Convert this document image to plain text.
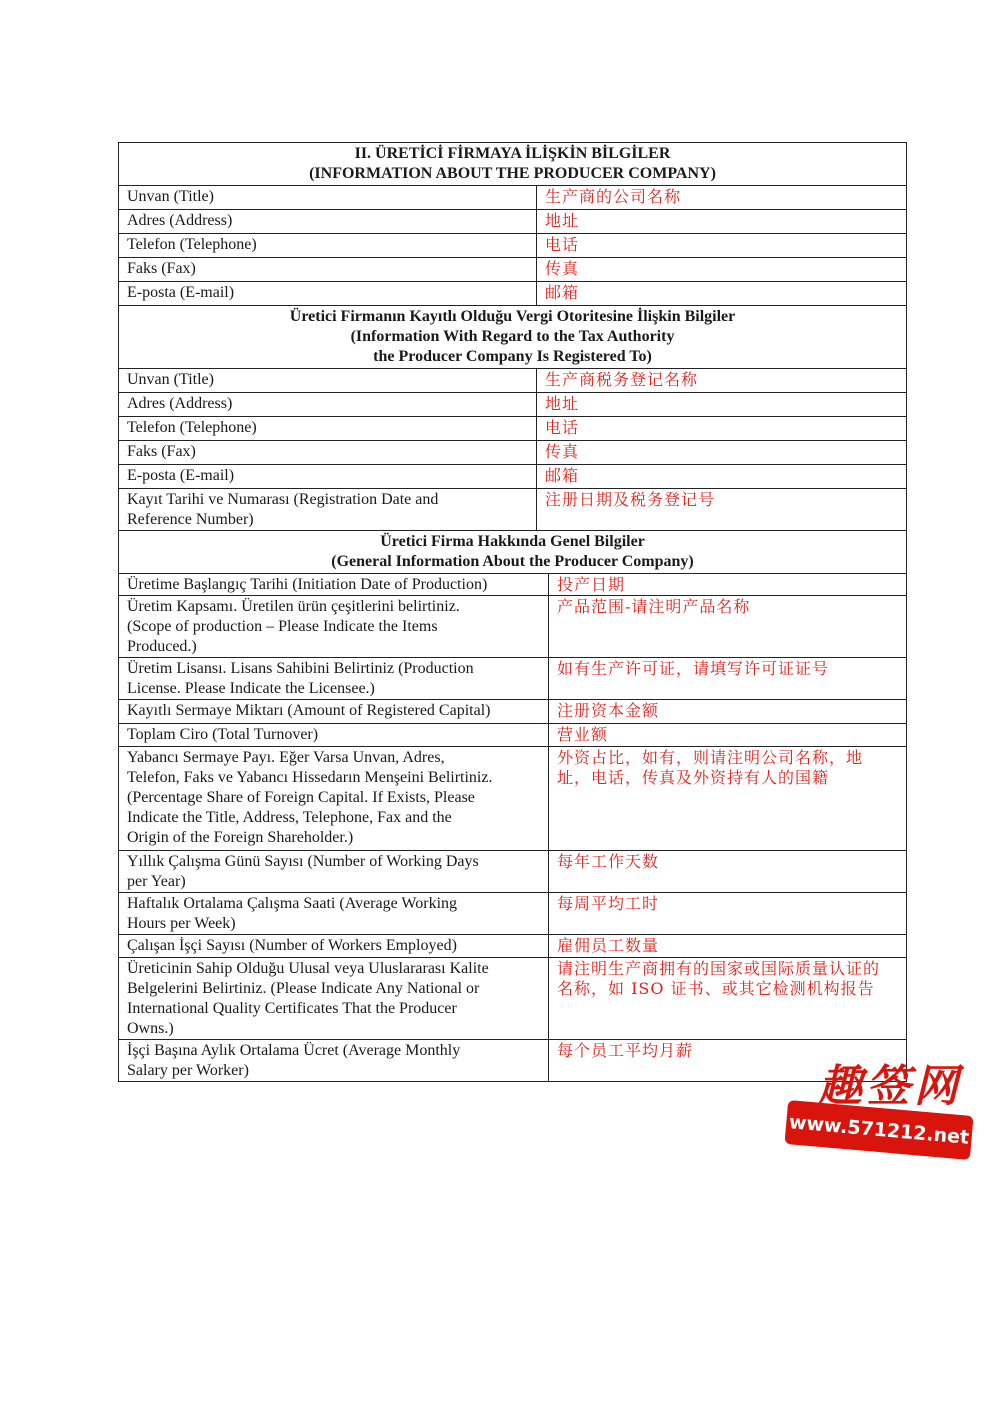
II. ÜRETİCİ FİRMAYA İLİŞKİN BİLGİLER
(INFORMATION ABOUT THE PRODUCER COMPANY)		

Unvan (Title)	生产商的公司名称	
Adres (Address)	地址	
Telefon (Telephone)	电话	
Faks (Fax)	传真	
E-posta (E-mail)	邮箱	

Üretici Firmanın Kayıtlı Olduğu Vergi Otoritesine İlişkin Bilgiler
(Information With Regard to the Tax Authority
the Producer Company Is Registered To)		

Unvan (Title)	生产商税务登记名称	
Adres (Address)	地址	
Telefon (Telephone)	电话	
Faks (Fax)	传真	
E-posta (E-mail)	邮箱	

Kayıt Tarihi ve Numarası (Registration Date and
Reference Number)	注册日期及税务登记号	

Üretici Firma Hakkında Genel Bilgiler
(General Information About the Producer Company)		

Üretime Başlangıç Tarihi (Initiation Date of Production)		投产日期

Üretim Kapsamı. Üretilen ürün çeşitlerini belirtiniz.
(Scope of production – Please Indicate the Items
Produced.)		产品范围-请注明产品名称

Üretim Lisansı. Lisans Sahibini Belirtiniz (Production
License. Please Indicate the Licensee.)		如有生产许可证，请填写许可证证号

Kayıtlı Sermaye Miktarı (Amount of Registered Capital)		注册资本金额

Toplam Ciro (Total Turnover)		营业额

Yabancı Sermaye Payı. Eğer Varsa Unvan, Adres,
Telefon, Faks ve Yabancı Hissedarın Menşeini Belirtiniz.
(Percentage Share of Foreign Capital. If Exists, Please
Indicate the Title, Address, Telephone, Fax and the
Origin of the Foreign Shareholder.)		外资占比，如有，则请注明公司名称，地
址，电话，传真及外资持有人的国籍

Yıllık Çalışma Günü Sayısı (Number of Working Days
per Year)		每年工作天数

Haftalık Ortalama Çalışma Saati (Average Working
Hours per Week)		每周平均工时

Çalışan İşçi Sayısı (Number of Workers Employed)		雇佣员工数量

Üreticinin Sahip Olduğu Ulusal veya Uluslararası Kalite
Belgelerini Belirtiniz. (Please Indicate Any National or
International Quality Certificates That the Producer
Owns.)		请注明生产商拥有的国家或国际质量认证的
名称，如 ISO 证书、或其它检测机构报告

İşçi Başına Aylık Ortalama Ücret (Average Monthly
Salary per Worker)		每个员工平均月薪
趣签网
www.571212.net
